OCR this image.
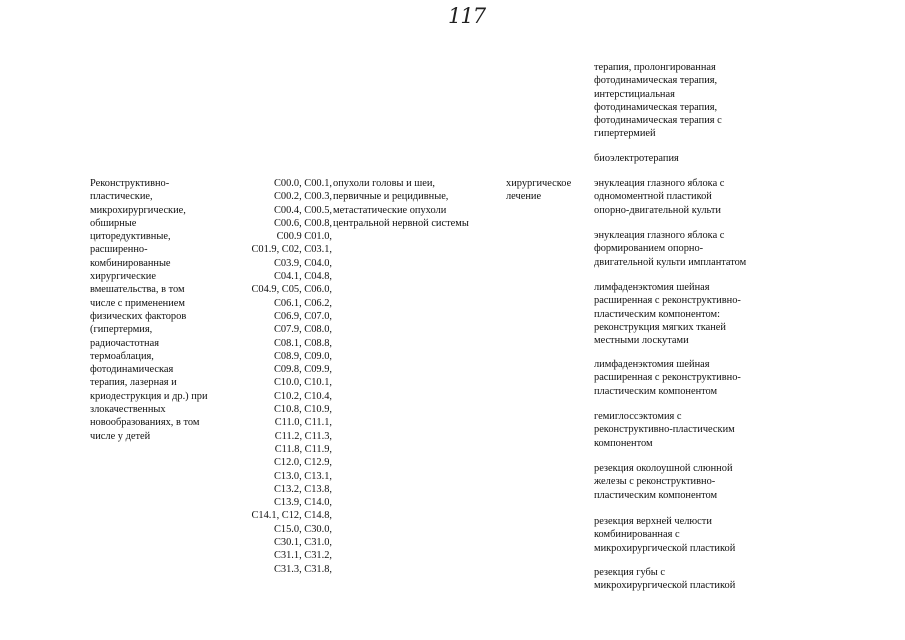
117
терапия, пролонгированная
фотодинамическая терапия,
интерстициальная
фотодинамическая терапия,
фотодинамическая терапия с
гипертермией
биоэлектротерапия
Реконструктивно-
пластические,
микрохирургические,
обширные
циторедуктивные,
расширенно-
комбинированные
хирургические
вмешательства, в том
числе с применением
физических факторов
(гипертермия,
радиочастотная
термоаблация,
фотодинамическая
терапия, лазерная и
криодеструкция и др.) при
злокачественных
новообразованиях, в том
числе у детей
C00.0, C00.1,
C00.2, C00.3,
C00.4, C00.5,
C00.6, C00.8,
C00.9 C01.0,
C01.9, C02, C03.1,
C03.9, C04.0,
C04.1, C04.8,
C04.9, C05, C06.0,
C06.1, C06.2,
C06.9, C07.0,
C07.9, C08.0,
C08.1, C08.8,
C08.9, C09.0,
C09.8, C09.9,
C10.0, C10.1,
C10.2, C10.4,
C10.8, C10.9,
C11.0, C11.1,
C11.2, C11.3,
C11.8, C11.9,
C12.0, C12.9,
C13.0, C13.1,
C13.2, C13.8,
C13.9, C14.0,
C14.1, C12, C14.8,
C15.0, C30.0,
C30.1, C31.0,
C31.1, C31.2,
C31.3, C31.8,
опухоли головы и шеи,
первичные и рецидивные,
метастатические опухоли
центральной нервной системы
хирургическое
лечение
энуклеация глазного яблока с
одномоментной пластикой
опорно-двигательной культи
энуклеация глазного яблока с
формированием опорно-
двигательной культи имплантатом
лимфаденэктомия шейная
расширенная с реконструктивно-
пластическим компонентом:
реконструкция мягких тканей
местными лоскутами
лимфаденэктомия шейная
расширенная с реконструктивно-
пластическим компонентом
гемиглоссэктомия с
реконструктивно-пластическим
компонентом
резекция околоушной слюнной
железы с реконструктивно-
пластическим компонентом
резекция верхней челюсти
комбинированная с
микрохирургической пластикой
резекция губы с
микрохирургической пластикой
